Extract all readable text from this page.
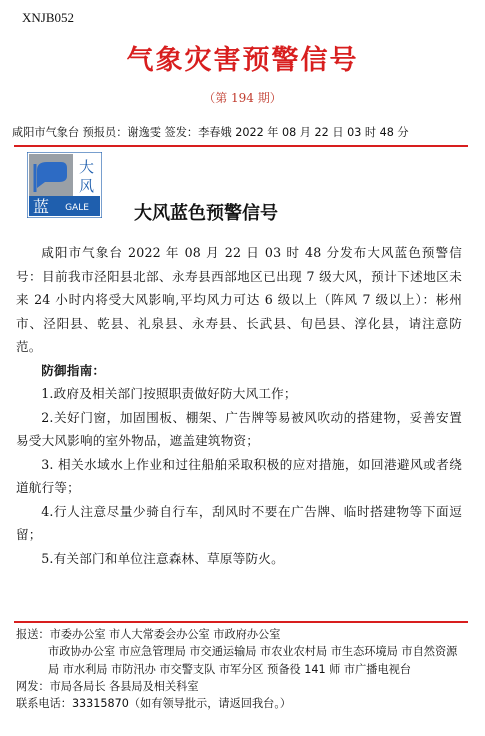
XNJB052
气象灾害预警信号
（第 194 期）
咸阳市气象台 预报员：谢逸雯 签发：李春娥 2022 年 08 月 22 日 03 时 48 分
大
风
蓝 GALE	大风蓝色预警信号

咸阳市气象台 2022 年 08 月 22 日 03 时 48 分发布大风蓝色预警信号：目前我市泾阳县北部、永寿县西部地区已出现 7 级大风，预计下述地区未来 24 小时内将受大风影响,平均风力可达 6 级以上（阵风 7 级以上）：彬州市、泾阳县、乾县、礼泉县、永寿县、长武县、旬邑县、淳化县，请注意防范。

防御指南：

1.政府及相关部门按照职责做好防大风工作；

2.关好门窗，加固围板、棚架、广告牌等易被风吹动的搭建物，妥善安置易受大风影响的室外物品，遮盖建筑物资；

3. 相关水域水上作业和过往船舶采取积极的应对措施，如回港避风或者绕道航行等；

4.行人注意尽量少骑自行车，刮风时不要在广告牌、临时搭建物等下面逗留；

5.有关部门和单位注意森林、草原等防火。

报送：市委办公室 市人大常委会办公室 市政府办公室

市政协办公室 市应急管理局 市交通运输局 市农业农村局 市生态环境局 市自然资源局 市水利局 市防汛办 市交警支队 市军分区 预备役 141 师 市广播电视台

网发：市局各局长 各县局及相关科室

联系电话：33315870（如有领导批示，请返回我台。）
